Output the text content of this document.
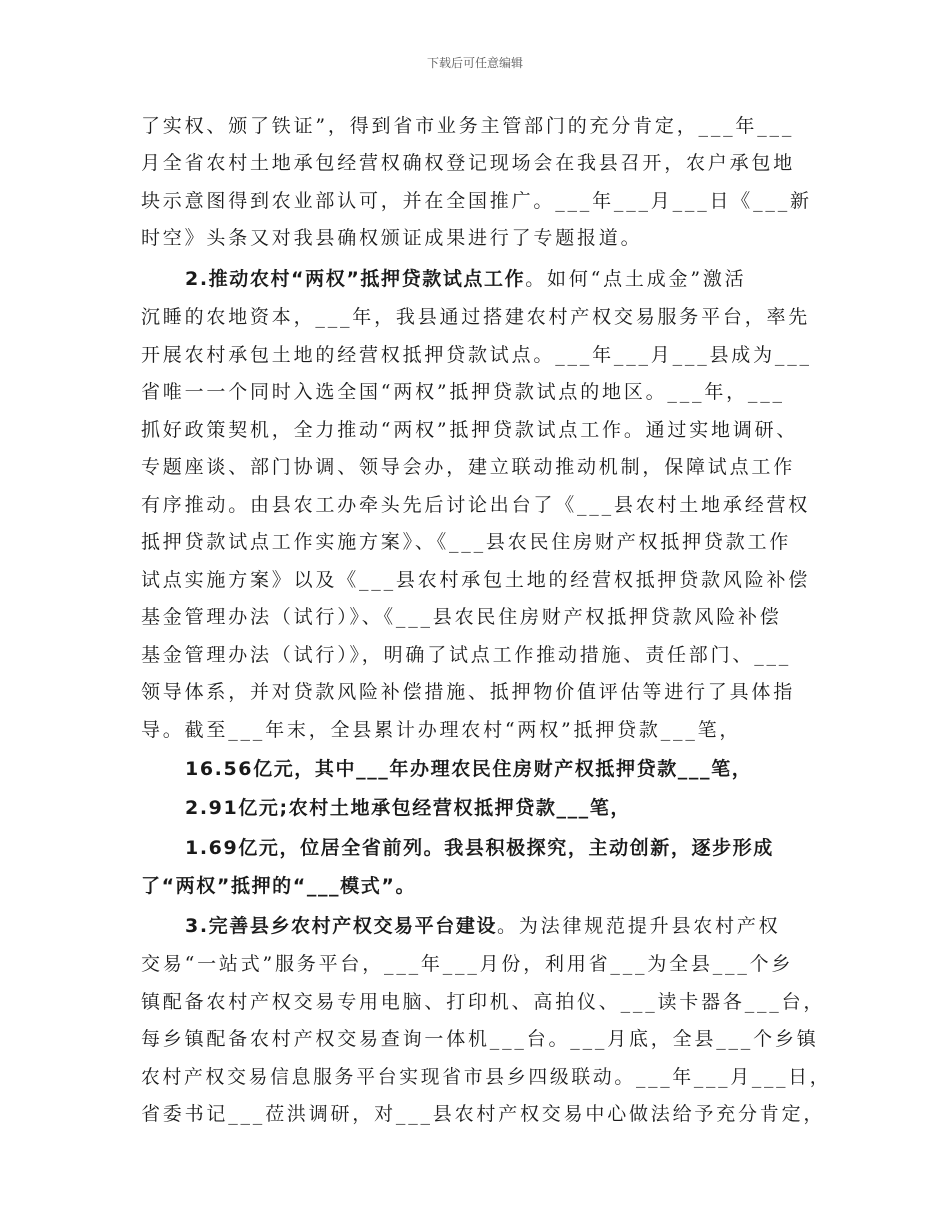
下载后可任意编辑
了实权、颁了铁证”，得到省市业务主管部门的充分肯定，___年___
月全省农村土地承包经营权确权登记现场会在我县召开，农户承包地
块示意图得到农业部认可，并在全国推广。___年___月___日《___新
时空》头条又对我县确权颁证成果进行了专题报道。
2.推动农村“两权”抵押贷款试点工作。如何“点土成金”激活
沉睡的农地资本，___年，我县通过搭建农村产权交易服务平台，率先
开展农村承包土地的经营权抵押贷款试点。___年___月___县成为___
省唯一一个同时入选全国“两权”抵押贷款试点的地区。___年，___
抓好政策契机，全力推动“两权”抵押贷款试点工作。通过实地调研、
专题座谈、部门协调、领导会办，建立联动推动机制，保障试点工作
有序推动。由县农工办牵头先后讨论出台了《___县农村土地承经营权
抵押贷款试点工作实施方案》、《___县农民住房财产权抵押贷款工作
试点实施方案》以及《___县农村承包土地的经营权抵押贷款风险补偿
基金管理办法（试行）》、《___县农民住房财产权抵押贷款风险补偿
基金管理办法（试行）》，明确了试点工作推动措施、责任部门、___
领导体系，并对贷款风险补偿措施、抵押物价值评估等进行了具体指
导。截至___年末，全县累计办理农村“两权”抵押贷款___笔，
16.56亿元，其中___年办理农民住房财产权抵押贷款___笔，
2.91亿元;农村土地承包经营权抵押贷款___笔，
1.69亿元，位居全省前列。我县积极探究，主动创新，逐步形成
了“两权”抵押的“___模式”。
3.完善县乡农村产权交易平台建设。为法律规范提升县农村产权
交易“一站式”服务平台，___年___月份，利用省___为全县___个乡
镇配备农村产权交易专用电脑、打印机、高拍仪、___读卡器各___台，
每乡镇配备农村产权交易查询一体机___台。___月底，全县___个乡镇
农村产权交易信息服务平台实现省市县乡四级联动。___年___月___日，
省委书记___莅洪调研，对___县农村产权交易中心做法给予充分肯定，
